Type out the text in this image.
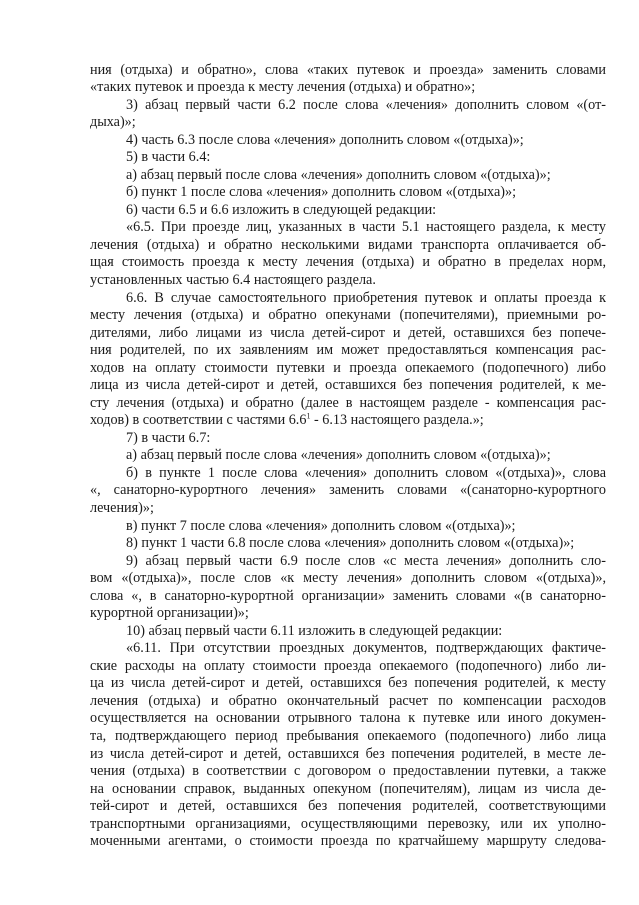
ния (отдыха) и обратно», слова «таких путевок и проезда» заменить словами
«таких путевок и проезда к месту лечения (отдыха) и обратно»;
3) абзац первый части 6.2 после слова «лечения» дополнить словом «(от-
дыха)»;
4) часть 6.3 после слова «лечения» дополнить словом «(отдыха)»;
5) в части 6.4:
а) абзац первый после слова «лечения» дополнить словом «(отдыха)»;
б) пункт 1 после слова «лечения» дополнить словом «(отдыха)»;
6) части 6.5 и 6.6 изложить в следующей редакции:
«6.5. При проезде лиц, указанных в части 5.1 настоящего раздела, к месту
лечения (отдыха) и обратно несколькими видами транспорта оплачивается об-
щая стоимость проезда к месту лечения (отдыха) и обратно в пределах норм,
установленных частью 6.4 настоящего раздела.
6.6. В случае самостоятельного приобретения путевок и оплаты проезда к
месту лечения (отдыха) и обратно опекунами (попечителями), приемными ро-
дителями, либо лицами из числа детей-сирот и детей, оставшихся без попече-
ния родителей, по их заявлениям им может предоставляться компенсация рас-
ходов на оплату стоимости путевки и проезда опекаемого (подопечного) либо
лица из числа детей-сирот и детей, оставшихся без попечения родителей, к ме-
сту лечения (отдыха) и обратно (далее в настоящем разделе - компенсация рас-
ходов) в соответствии с частями $6.6^1 - 6.13$ настоящего раздела.»;
7) в части 6.7:
а) абзац первый после слова «лечения» дополнить словом «(отдыха)»;
б) в пункте 1 после слова «лечения» дополнить словом «(отдыха)», слова
«, санаторно-курортного лечения» заменить словами «(санаторно-курортного
лечения)»;
в) пункт 7 после слова «лечения» дополнить словом «(отдыха)»;
8) пункт 1 части 6.8 после слова «лечения» дополнить словом «(отдыха)»;
9) абзац первый части 6.9 после слов «с места лечения» дополнить сло-
вом «(отдыха)», после слов «к месту лечения» дополнить словом «(отдыха)»,
слова «, в санаторно-курортной организации» заменить словами «(в санаторно-
курортной организации)»;
10) абзац первый части 6.11 изложить в следующей редакции:
«6.11. При отсутствии проездных документов, подтверждающих фактиче-
ские расходы на оплату стоимости проезда опекаемого (подопечного) либо ли-
ца из числа детей-сирот и детей, оставшихся без попечения родителей, к месту
лечения (отдыха) и обратно окончательный расчет по компенсации расходов
осуществляется на основании отрывного талона к путевке или иного докумен-
та, подтверждающего период пребывания опекаемого (подопечного) либо лица
из числа детей-сирот и детей, оставшихся без попечения родителей, в месте ле-
чения (отдыха) в соответствии с договором о предоставлении путевки, а также
на основании справок, выданных опекуном (попечителям), лицам из числа де-
тей-сирот и детей, оставшихся без попечения родителей, соответствующими
транспортными организациями, осуществляющими перевозку, или их уполно-
моченными агентами, о стоимости проезда по кратчайшему маршруту следова-
